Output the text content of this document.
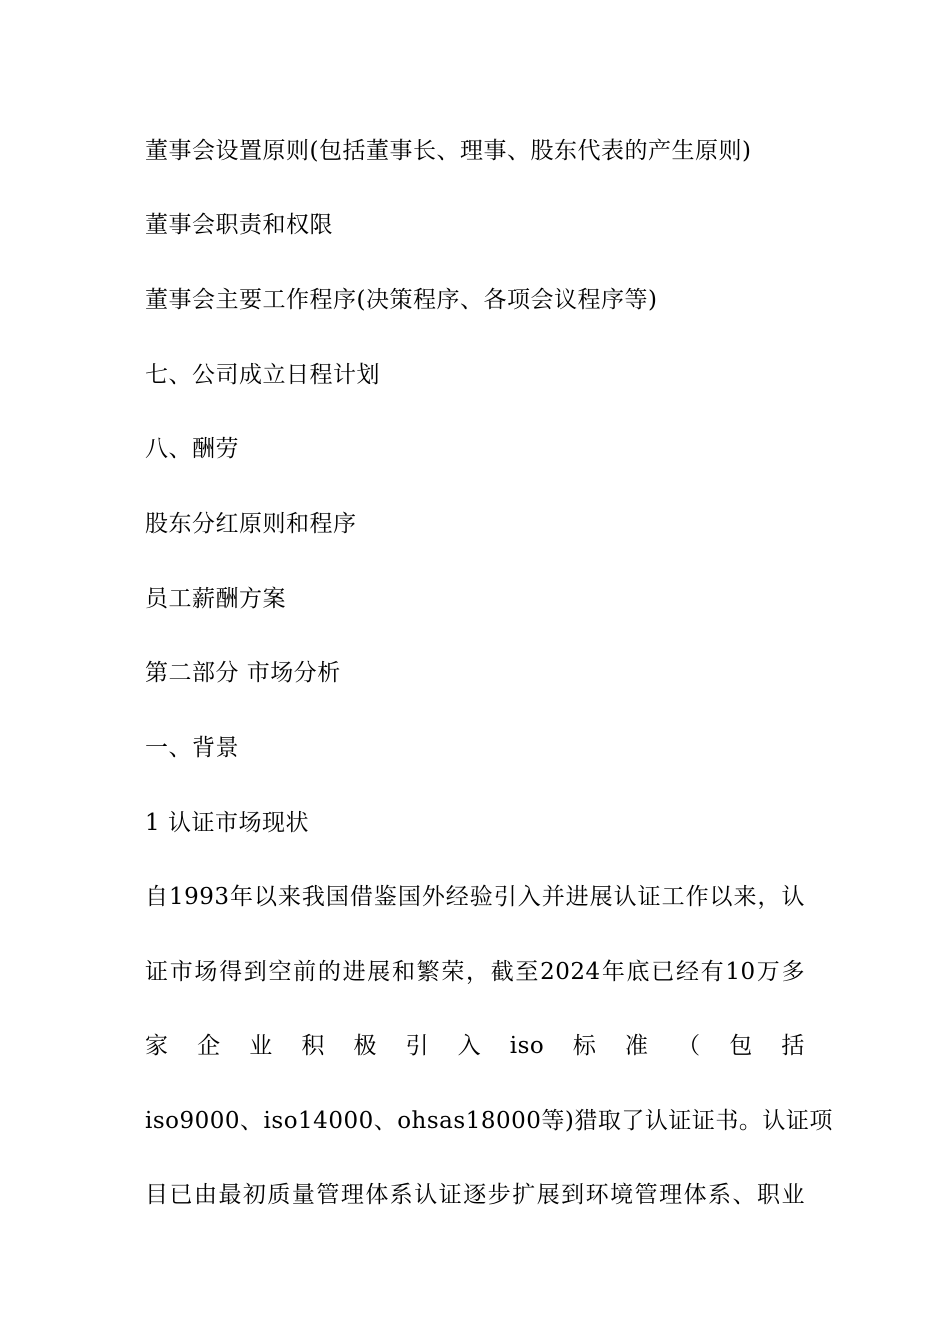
董事会设置原则(包括董事长、理事、股东代表的产生原则)
董事会职责和权限
董事会主要工作程序(决策程序、各项会议程序等)
七、公司成立日程计划
八、酬劳
股东分红原则和程序
员工薪酬方案
第二部分 市场分析
一、背景
1 认证市场现状
自1993年以来我国借鉴国外经验引入并进展认证工作以来，认
证市场得到空前的进展和繁荣，截至2024年底已经有10万多
家 企 业 积 极 引 入 iso 标 准 （ 包 括
iso9000、iso14000、ohsas18000等)猎取了认证证书。认证项
目已由最初质量管理体系认证逐步扩展到环境管理体系、职业
